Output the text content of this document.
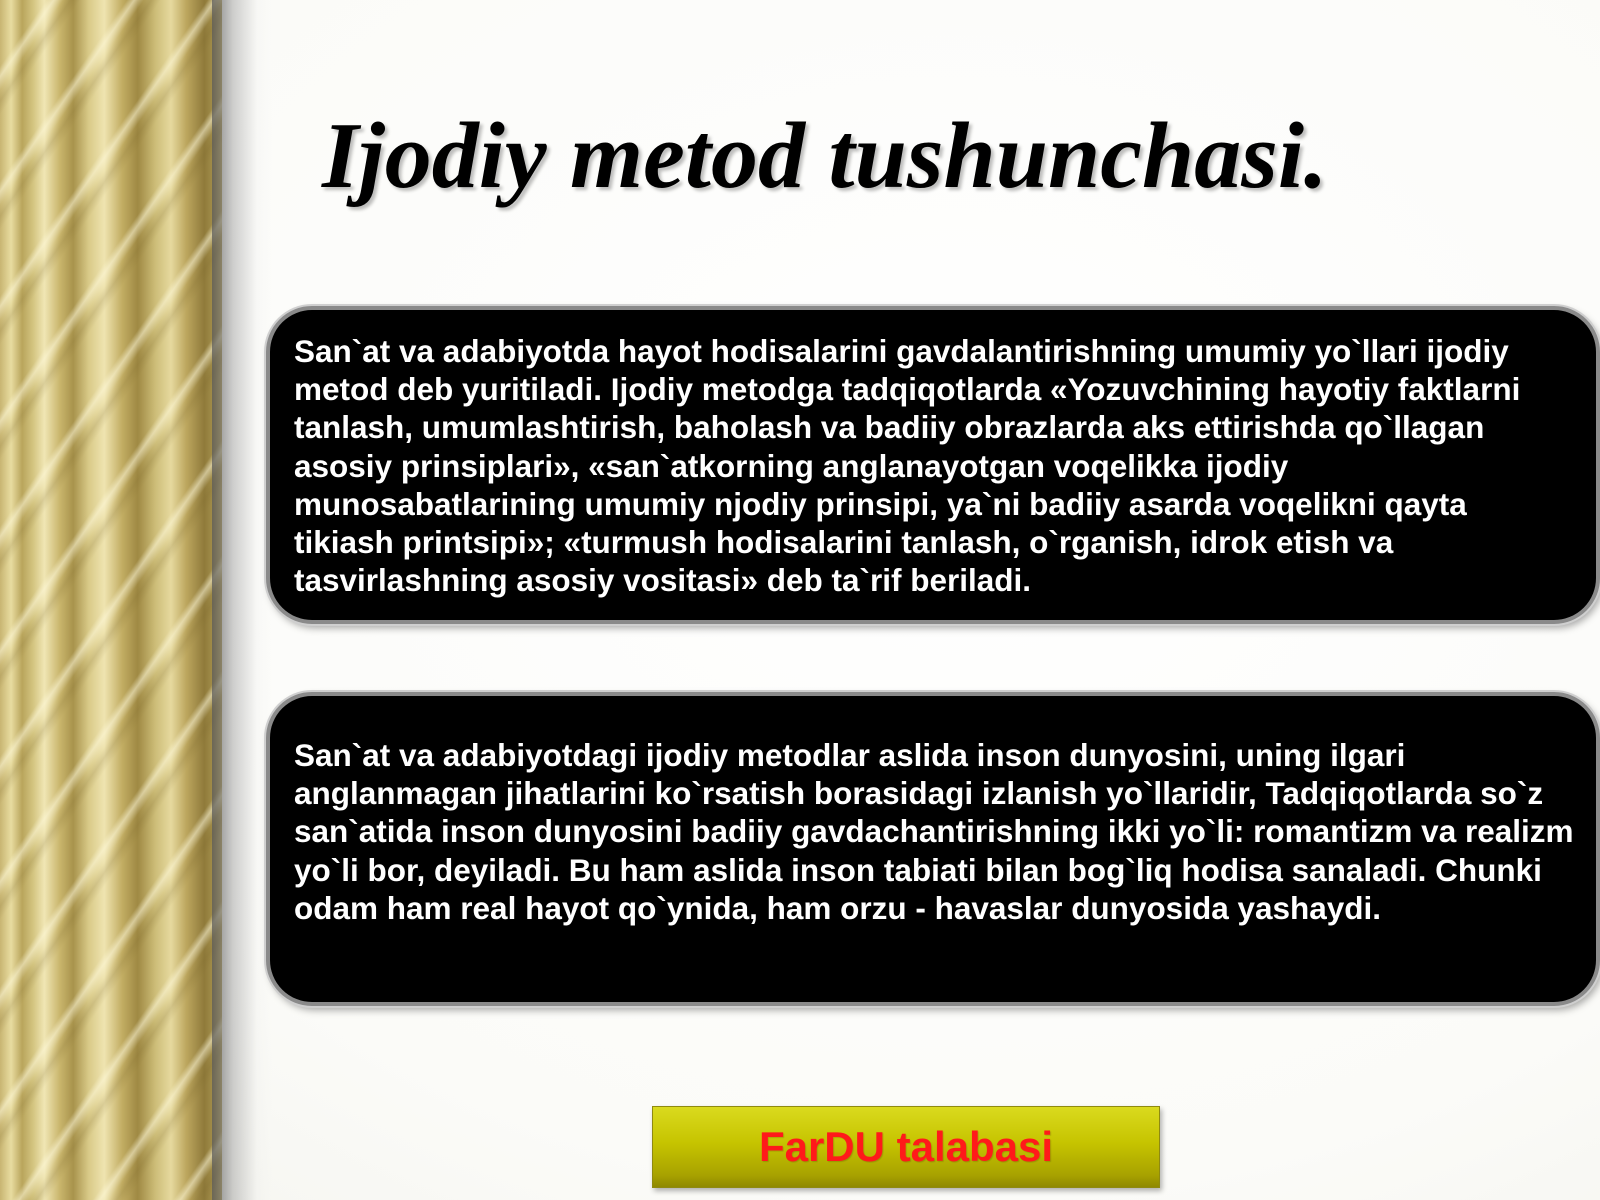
Ijodiy metod tushunchasi.

San`at va adabiyotda hayot hodisalarini gavdalantirishning umumiy yo`llari ijodiy metod deb yuritiladi. Ijodiy metodga tadqiqotlarda «Yozuvchining hayotiy faktlarni tanlash, umumlashtirish, baholash va badiiy obrazlarda aks ettirishda qo`llagan asosiy prinsiplari», «san`atkorning anglanayotgan voqelikka ijodiy munosabatlarining umumiy njodiy prinsipi, ya`ni badiiy asarda voqelikni qayta tikiash printsipi»; «turmush hodisalarini tanlash, o`rganish, idrok etish va tasvirlashning asosiy vositasi» deb ta`rif beriladi.

San`at va adabiyotdagi ijodiy metodlar aslida inson dunyosini, uning ilgari anglanmagan jihatlarini ko`rsatish borasidagi izlanish yo`llaridir, Tadqiqotlarda so`z san`atida inson dunyosini badiiy gavdachantirishning ikki yo`li: romantizm va realizm yo`li bor, deyiladi. Bu ham aslida inson tabiati bilan bog`liq hodisa sanaladi. Chunki odam ham real hayot qo`ynida, ham orzu - havaslar dunyosida yashaydi.

FarDU talabasi
